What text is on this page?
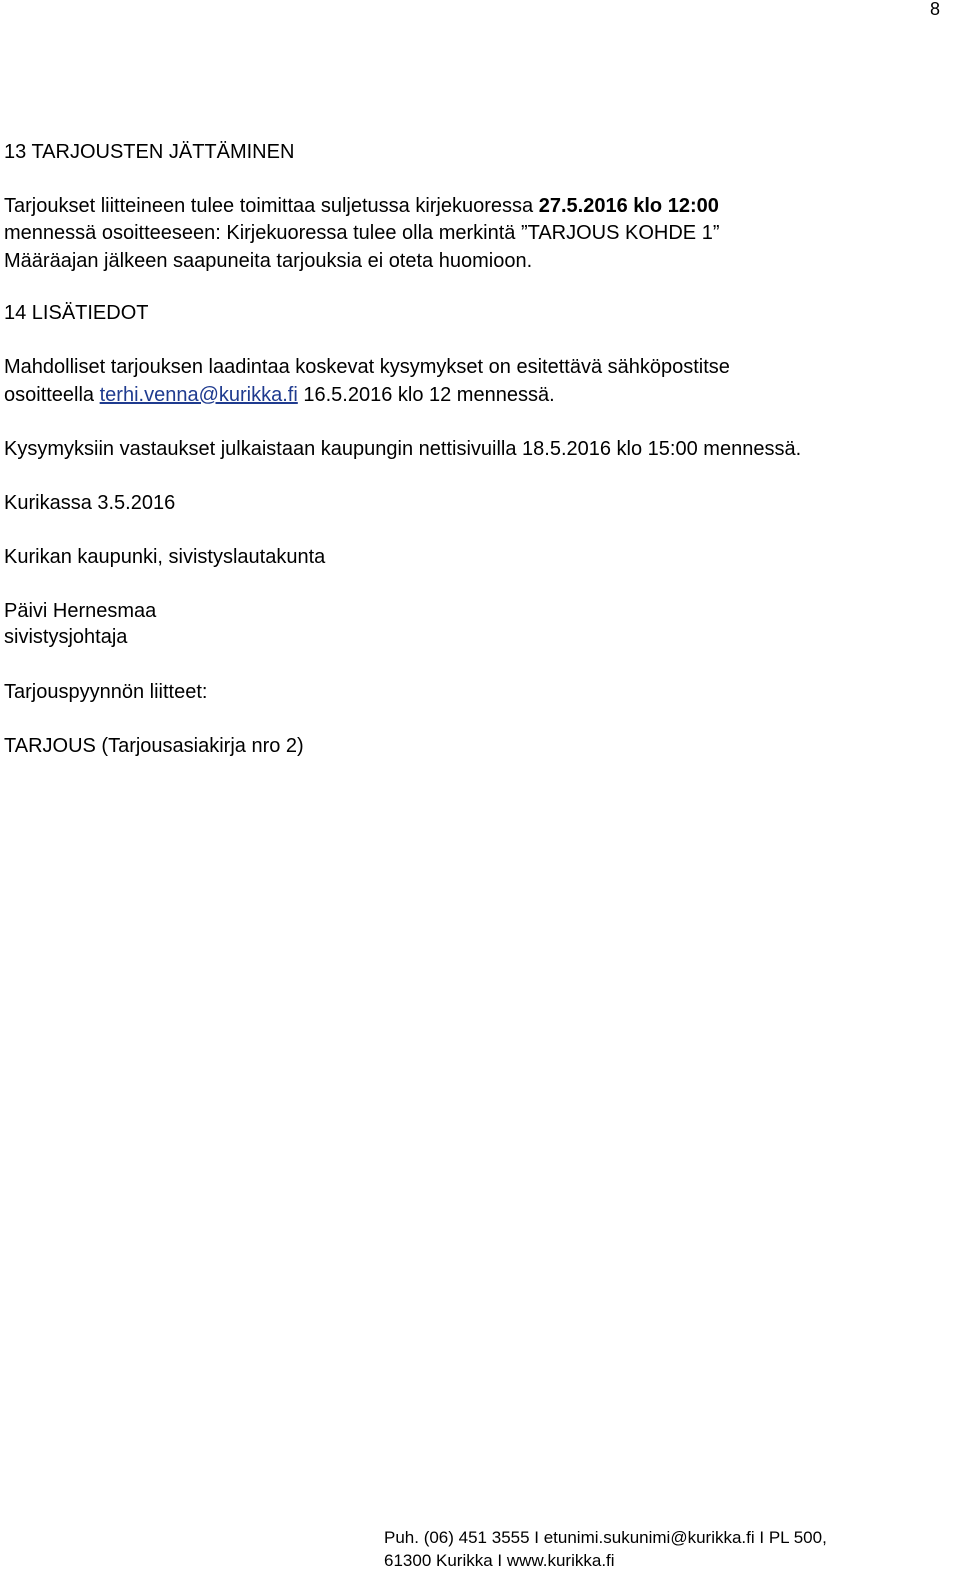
8
13 TARJOUSTEN JÄTTÄMINEN
Tarjoukset liitteineen tulee toimittaa suljetussa kirjekuoressa 27.5.2016 klo 12:00
mennessä osoitteeseen: Kirjekuoressa tulee olla merkintä ”TARJOUS KOHDE 1”
Määräajan jälkeen saapuneita tarjouksia ei oteta huomioon.
14 LISÄTIEDOT
Mahdolliset tarjouksen laadintaa koskevat kysymykset on esitettävä sähköpostitse
osoitteella terhi.venna@kurikka.fi 16.5.2016 klo 12 mennessä.
Kysymyksiin vastaukset julkaistaan kaupungin nettisivuilla 18.5.2016 klo 15:00 mennessä.
Kurikassa 3.5.2016
Kurikan kaupunki, sivistyslautakunta
Päivi Hernesmaa
sivistysjohtaja
Tarjouspyynnön liitteet:
TARJOUS (Tarjousasiakirja nro 2)
Puh. (06) 451 3555 I etunimi.sukunimi@kurikka.fi I PL 500,
61300 Kurikka I www.kurikka.fi
